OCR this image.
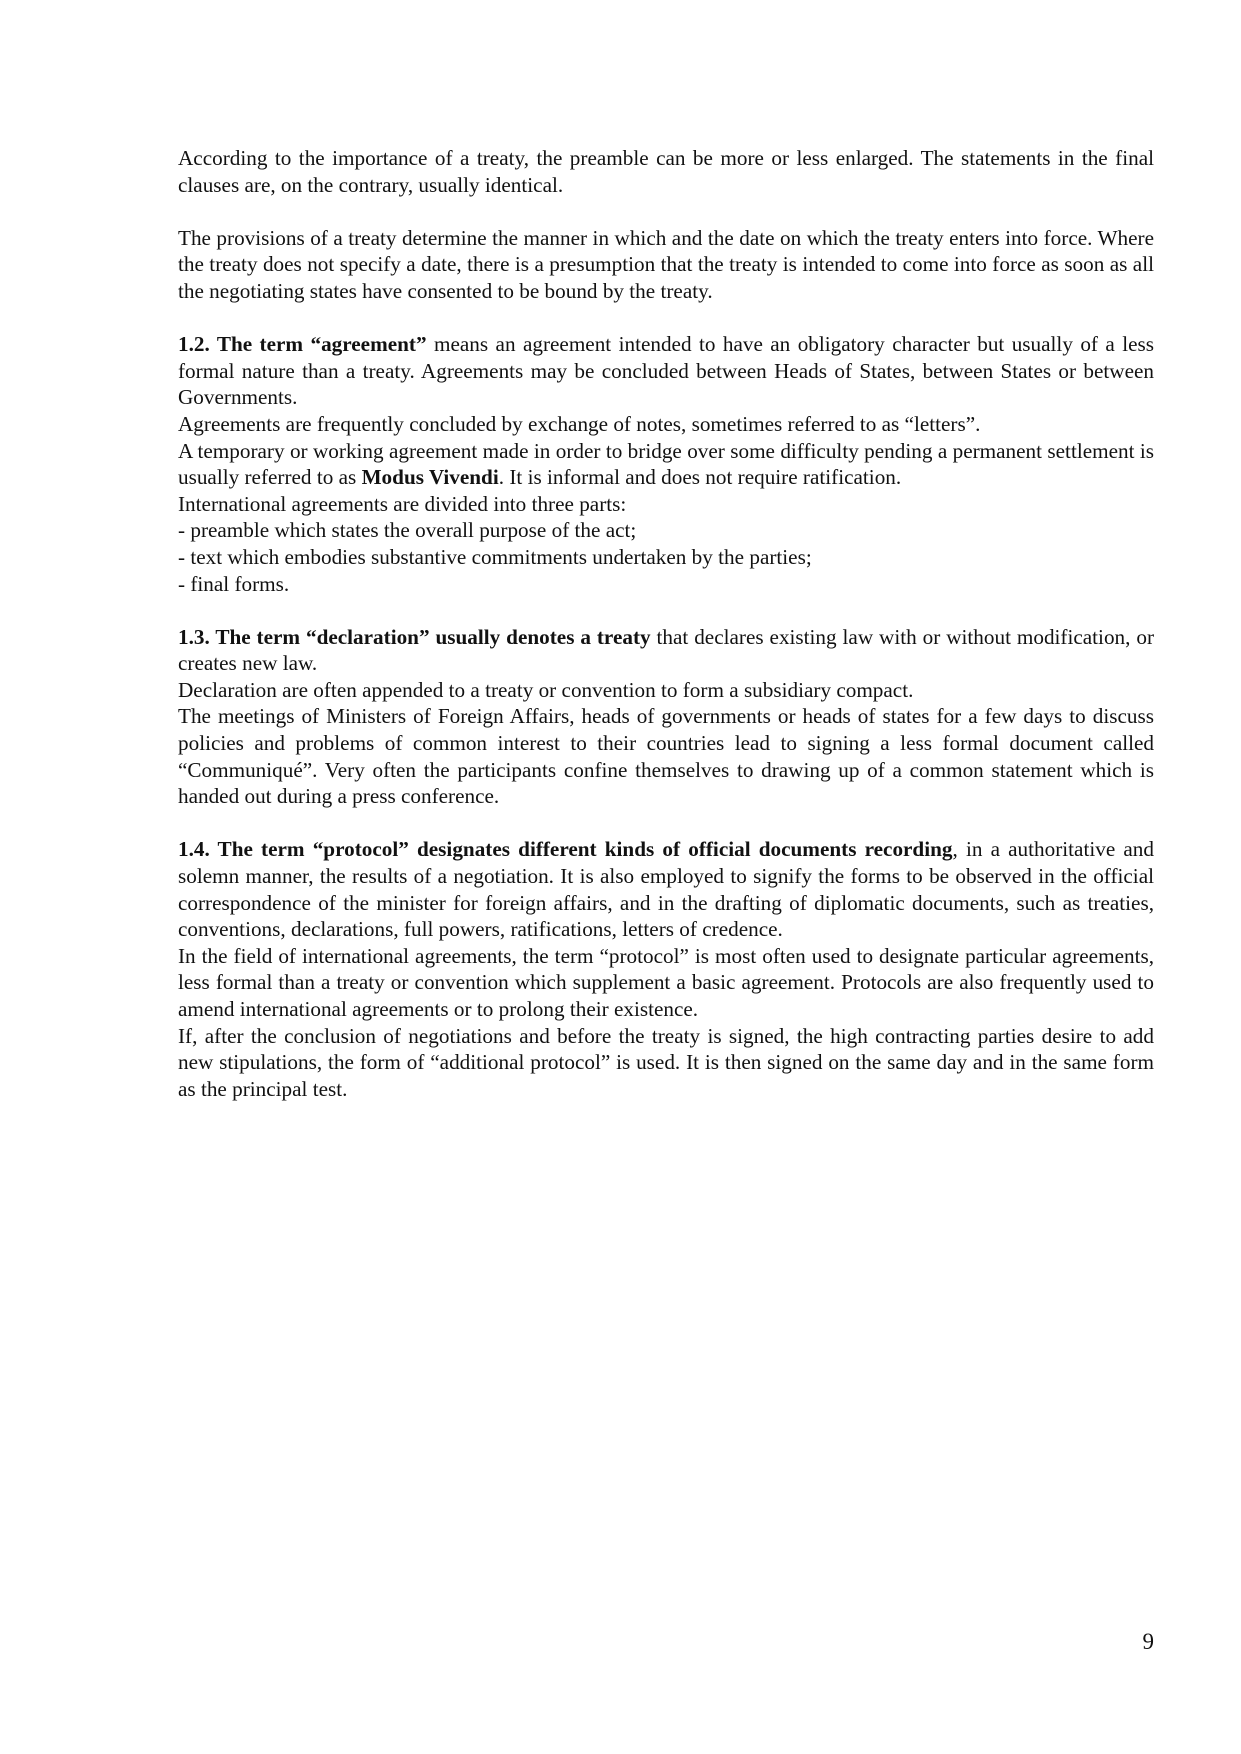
According to the importance of a treaty, the preamble can be more or less enlarged. The statements in the final clauses are, on the contrary, usually identical.

The provisions of a treaty determine the manner in which and the date on which the treaty enters into force. Where the treaty does not specify a date, there is a presumption that the treaty is intended to come into force as soon as all the negotiating states have consented to be bound by the treaty.

1.2. The term “agreement” means an agreement intended to have an obligatory character but usually of a less formal nature than a treaty. Agreements may be concluded between Heads of States, between States or between Governments.

Agreements are frequently concluded by exchange of notes, sometimes referred to as “letters”.

A temporary or working agreement made in order to bridge over some difficulty pending a permanent settlement is usually referred to as Modus Vivendi. It is informal and does not require ratification.

International agreements are divided into three parts:

- preamble which states the overall purpose of the act;

- text which embodies substantive commitments undertaken by the parties;

- final forms.

1.3. The term “declaration” usually denotes a treaty that declares existing law with or without modification, or creates new law.

Declaration are often appended to a treaty or convention to form a subsidiary compact.

The meetings of Ministers of Foreign Affairs, heads of governments or heads of states for a few days to discuss policies and problems of common interest to their countries lead to signing a less formal document called “Communiqué”. Very often the participants confine themselves to drawing up of a common statement which is handed out during a press conference.

1.4. The term “protocol” designates different kinds of official documents recording, in a authoritative and solemn manner, the results of a negotiation. It is also employed to signify the forms to be observed in the official correspondence of the minister for foreign affairs, and in the drafting of diplomatic documents, such as treaties, conventions, declarations, full powers, ratifications, letters of credence.

In the field of international agreements, the term “protocol” is most often used to designate particular agreements, less formal than a treaty or convention which supplement a basic agreement. Protocols are also frequently used to amend international agreements or to prolong their existence.

If, after the conclusion of negotiations and before the treaty is signed, the high contracting parties desire to add new stipulations, the form of “additional protocol” is used. It is then signed on the same day and in the same form as the principal test.

9
